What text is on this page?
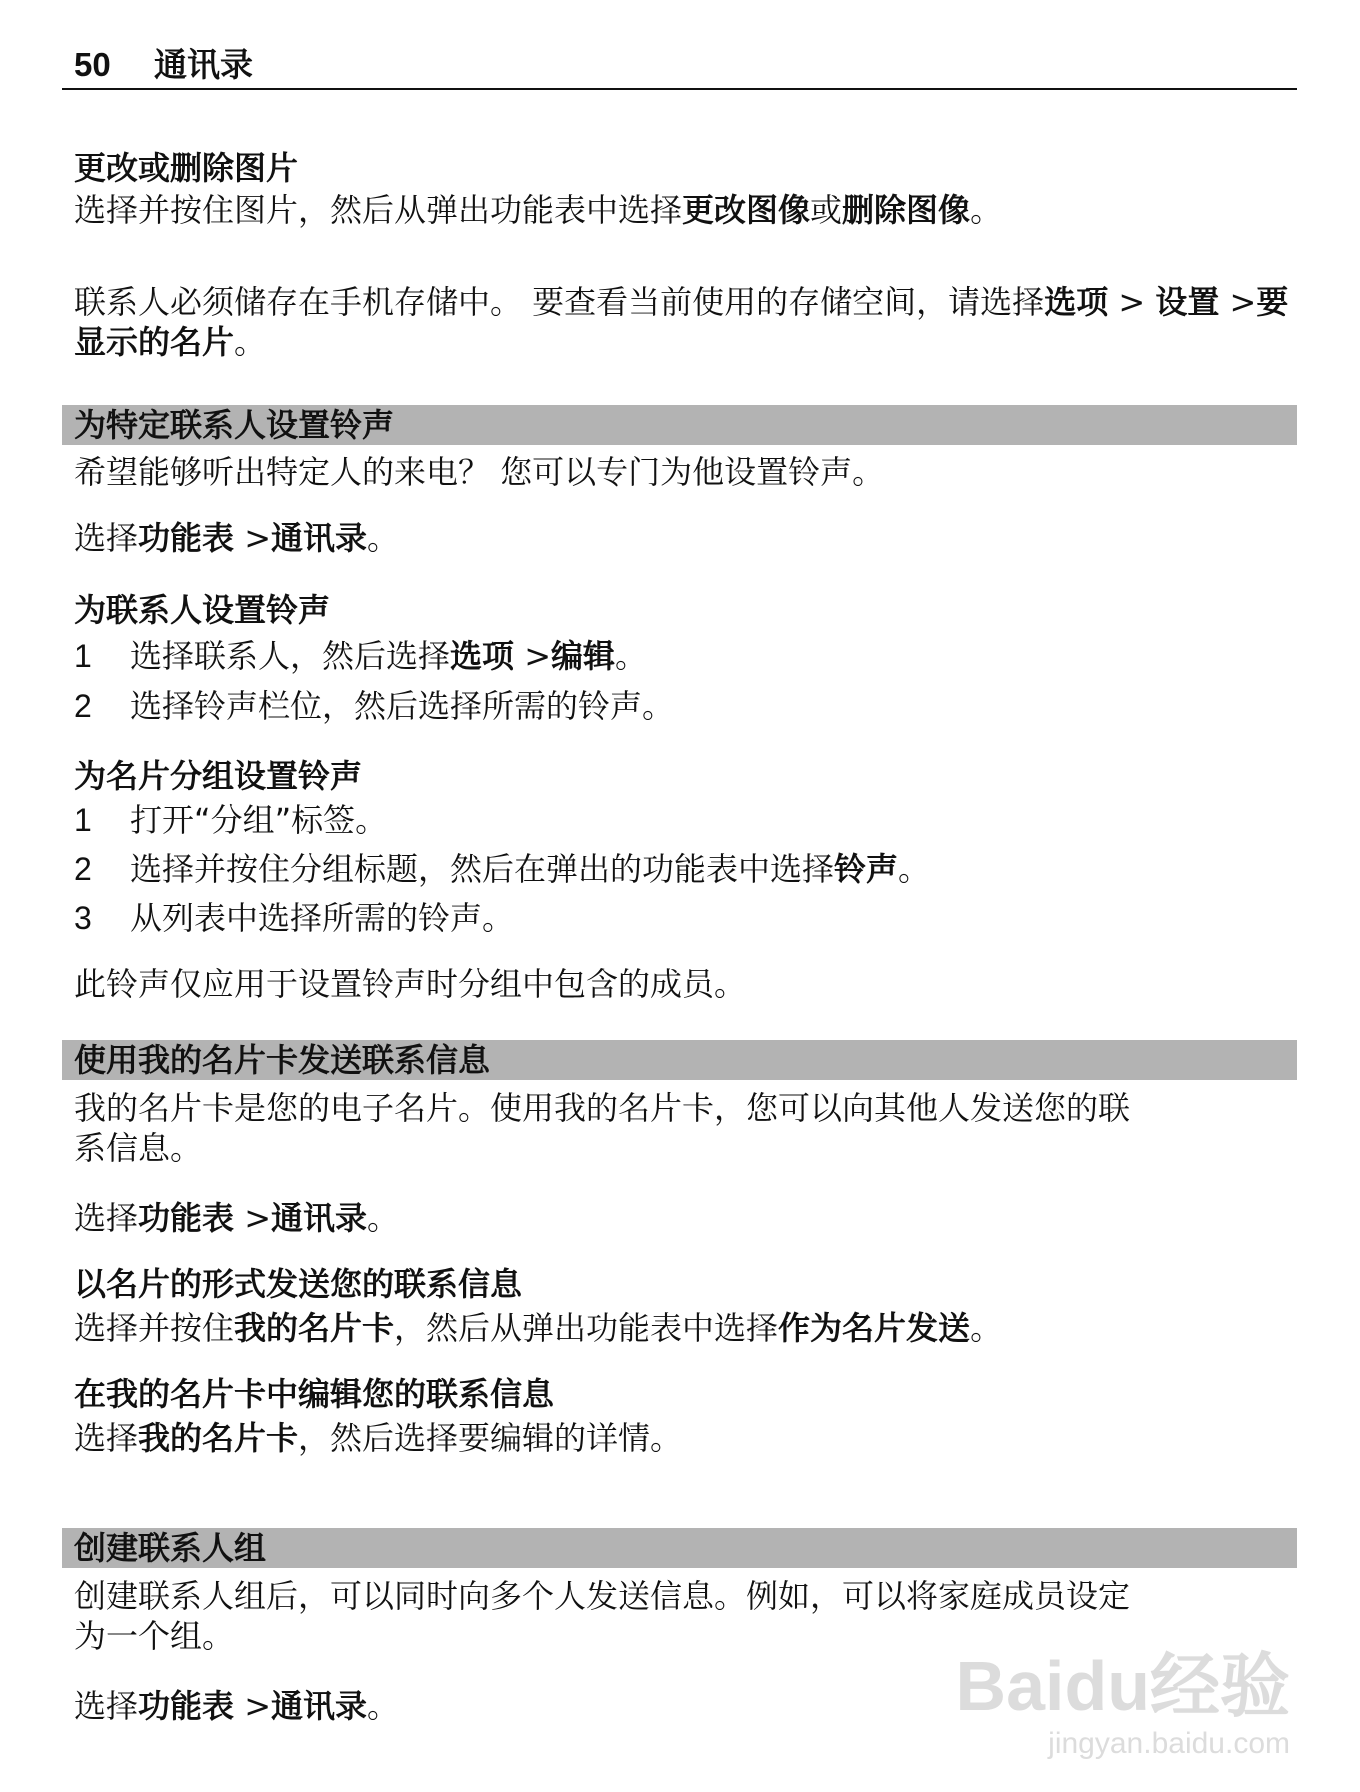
50 通讯录

更改或删除图片

选择并按住图片，然后从弹出功能表中选择更改图像或删除图像。

联系人必须储存在手机存储中。 要查看当前使用的存储空间，请选择选项 > 设置 >要显示的名片。

为特定联系人设置铃声

希望能够听出特定人的来电？ 您可以专门为他设置铃声。

选择功能表 >通讯录。

为联系人设置铃声

1 选择联系人，然后选择选项 >编辑。
2 选择铃声栏位，然后选择所需的铃声。

为名片分组设置铃声

1 打开“分组”标签。
2 选择并按住分组标题，然后在弹出的功能表中选择铃声。
3 从列表中选择所需的铃声。

此铃声仅应用于设置铃声时分组中包含的成员。

使用我的名片卡发送联系信息

我的名片卡是您的电子名片。使用我的名片卡，您可以向其他人发送您的联
系信息。

选择功能表 >通讯录。

以名片的形式发送您的联系信息

选择并按住我的名片卡，然后从弹出功能表中选择作为名片发送。

在我的名片卡中编辑您的联系信息

选择我的名片卡，然后选择要编辑的详情。

创建联系人组

创建联系人组后，可以同时向多个人发送信息。例如，可以将家庭成员设定
为一个组。

选择功能表 >通讯录。	Baidu经验
jingyan.baidu.com
